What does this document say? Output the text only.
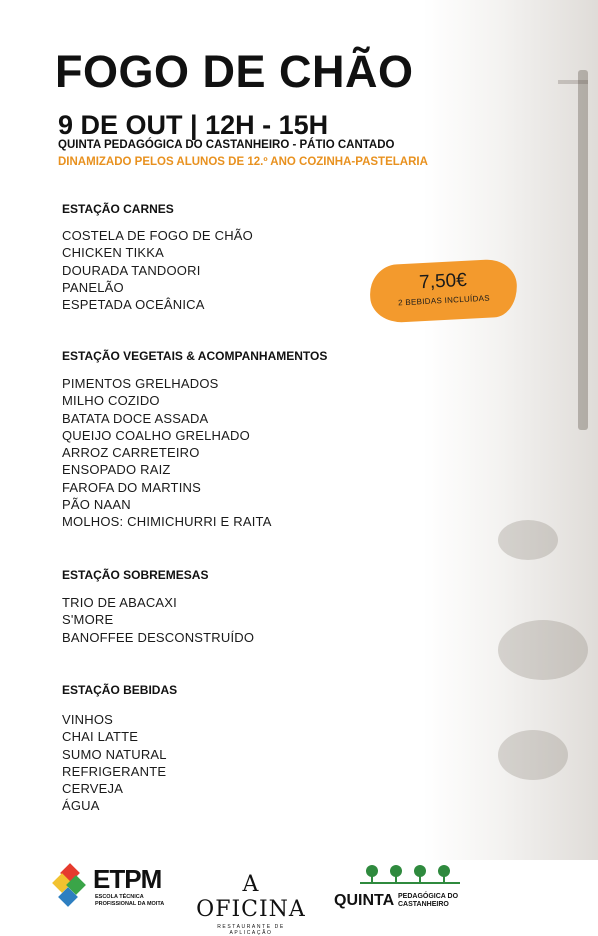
FOGO DE CHÃO
9 DE OUT | 12H - 15H
QUINTA PEDAGÓGICA DO CASTANHEIRO - PÁTIO CANTADO
DINAMIZADO PELOS ALUNOS DE 12.º ANO COZINHA-PASTELARIA
ESTAÇÃO CARNES
COSTELA DE FOGO DE CHÃO
CHICKEN TIKKA
DOURADA TANDOORI
PANELÃO
ESPETADA OCEÂNICA
7,50€
2 BEBIDAS INCLUÍDAS
ESTAÇÃO VEGETAIS & ACOMPANHAMENTOS
PIMENTOS GRELHADOS
MILHO COZIDO
BATATA DOCE ASSADA
QUEIJO COALHO GRELHADO
ARROZ CARRETEIRO
ENSOPADO RAIZ
FAROFA DO MARTINS
PÃO NAAN
MOLHOS: CHIMICHURRI E RAITA
ESTAÇÃO SOBREMESAS
TRIO DE ABACAXI
S'MORE
BANOFFEE DESCONSTRUÍDO
ESTAÇÃO BEBIDAS
VINHOS
CHAI LATTE
SUMO NATURAL
REFRIGERANTE
CERVEJA
ÁGUA
ETPM
ESCOLA TÉCNICA PROFISSIONAL DA MOITA
A OFICINA
RESTAURANTE DE APLICAÇÃO
QUINTA PEDAGÓGICA DO CASTANHEIRO
